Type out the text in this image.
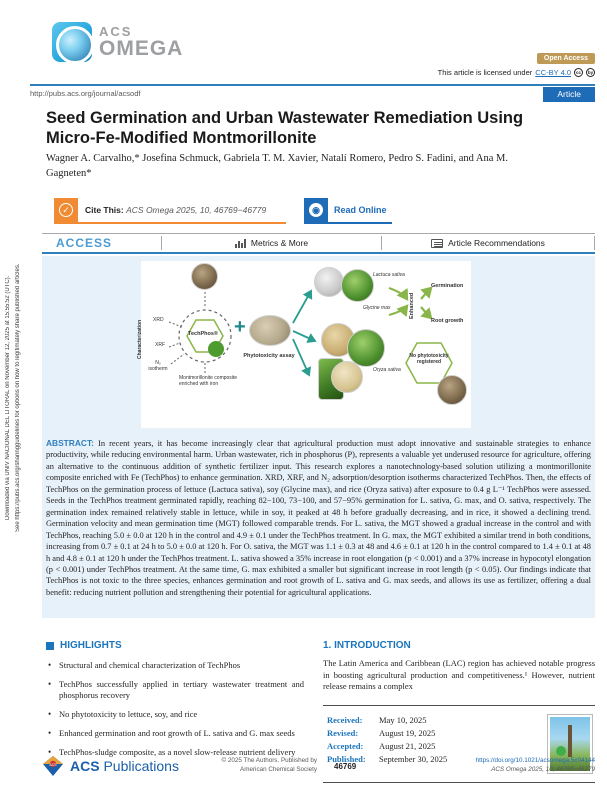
Downloaded via UNIV NACIONAL DEL LITORAL on November 12, 2025 at 15:55:52 (UTC). See https://pubs.acs.org/sharingguidelines for options on how to legitimately share published articles.
ACS
OMEGA	Open Access
This article is licensed under CC-BY 4.0	cc	by
http://pubs.acs.org/journal/acsodf	Article
Seed Germination and Urban Wastewater Remediation Using Micro-Fe-Modified Montmorillonite
Wagner A. Carvalho,* Josefina Schmuck, Gabriela T. M. Xavier, Natalí Romero, Pedro S. Fadini, and Ana M. Gagneten*
✓	Cite This: ACS Omega 2025, 10, 46769−46779	◉	Read Online
ACCESS	Metrics & More	Article Recommendations
Characterization XRD
XRF
N₂ isotherm
TechPhos®
Montmorillonite composite enriched with iron
+
Phytotoxicity assay
Lactuca sativa
Glycine max
Oryza sativa
Enhanced
Germination
Root growth
No phytotoxicity registered
ABSTRACT: In recent years, it has become increasingly clear that agricultural production must adopt innovative and sustainable strategies to enhance productivity, while reducing environmental harm. Urban wastewater, rich in phosphorus (P), represents a valuable yet underused resource for agriculture, offering an alternative to the continuous addition of synthetic fertilizer input. This research explores a nanotechnology-based solution utilizing a montmorillonite composite enriched with Fe (TechPhos) to enhance germination. XRD, XRF, and N₂ adsorption/desorption isotherms characterized TechPhos. Then, the effects of TechPhos on the germination process of lettuce (Lactuca sativa), soy (Glycine max), and rice (Oryza sativa) after exposure to 0.4 g L⁻¹ TechPhos were assessed. Seeds in the TechPhos treatment germinated rapidly, reaching 82−100, 73−100, and 57−95% germination for L. sativa, G. max, and O. sativa, respectively. The germination index remained relatively stable in lettuce, while in soy, it peaked at 48 h before gradually decreasing, and in rice, it showed a declining trend. Germination velocity and mean germination time (MGT) followed comparable trends. For L. sativa, the MGT showed a gradual increase in the control and with TechPhos, reaching 5.0 ± 0.0 at 120 h in the control and 4.9 ± 0.1 under the TechPhos treatment. In G. max, the MGT exhibited a similar trend in both conditions, increasing from 0.7 ± 0.1 at 24 h to 5.0 ± 0.0 at 120 h. For O. sativa, the MGT was 1.1 ± 0.3 at 48 and 4.6 ± 0.1 at 120 h in the control compared to 1.4 ± 0.1 at 48 h and 4.8 ± 0.1 at 120 h under the TechPhos treatment. L. sativa showed a 35% increase in root elongation (p < 0.001) and a 37% increase in hypocotyl elongation (p < 0.001) under TechPhos treatment. At the same time, G. max exhibited a smaller but significant increase in root length (p < 0.05). Our findings indicate that TechPhos is not toxic to the three species, enhances germination and root growth of L. sativa and G. max seeds, and allows its use as fertilizer, offering a dual benefit: reducing nutrient pollution and strengthening their potential for agricultural applications.
HIGHLIGHTS
• Structural and chemical characterization of TechPhos
• TechPhos successfully applied in tertiary wastewater treatment and phosphorus recovery
• No phytotoxicity to lettuce, soy, and rice
• Enhanced germination and root growth of L. sativa and G. max seeds
• TechPhos-sludge composite, as a novel slow-release nutrient delivery
1. INTRODUCTION

The Latin America and Caribbean (LAC) region has achieved notable progress in boosting agricultural production and competitiveness.¹ However, nutrient release remains a complex

Received: May 10, 2025
Revised: August 19, 2025
Accepted: August 21, 2025
Published: September 30, 2025
ACS ACS Publications	© 2025 The Authors. Published by American Chemical Society 46769
https://doi.org/10.1021/acsomega.5c04144
ACS Omega 2025, 10, 46769−46779
